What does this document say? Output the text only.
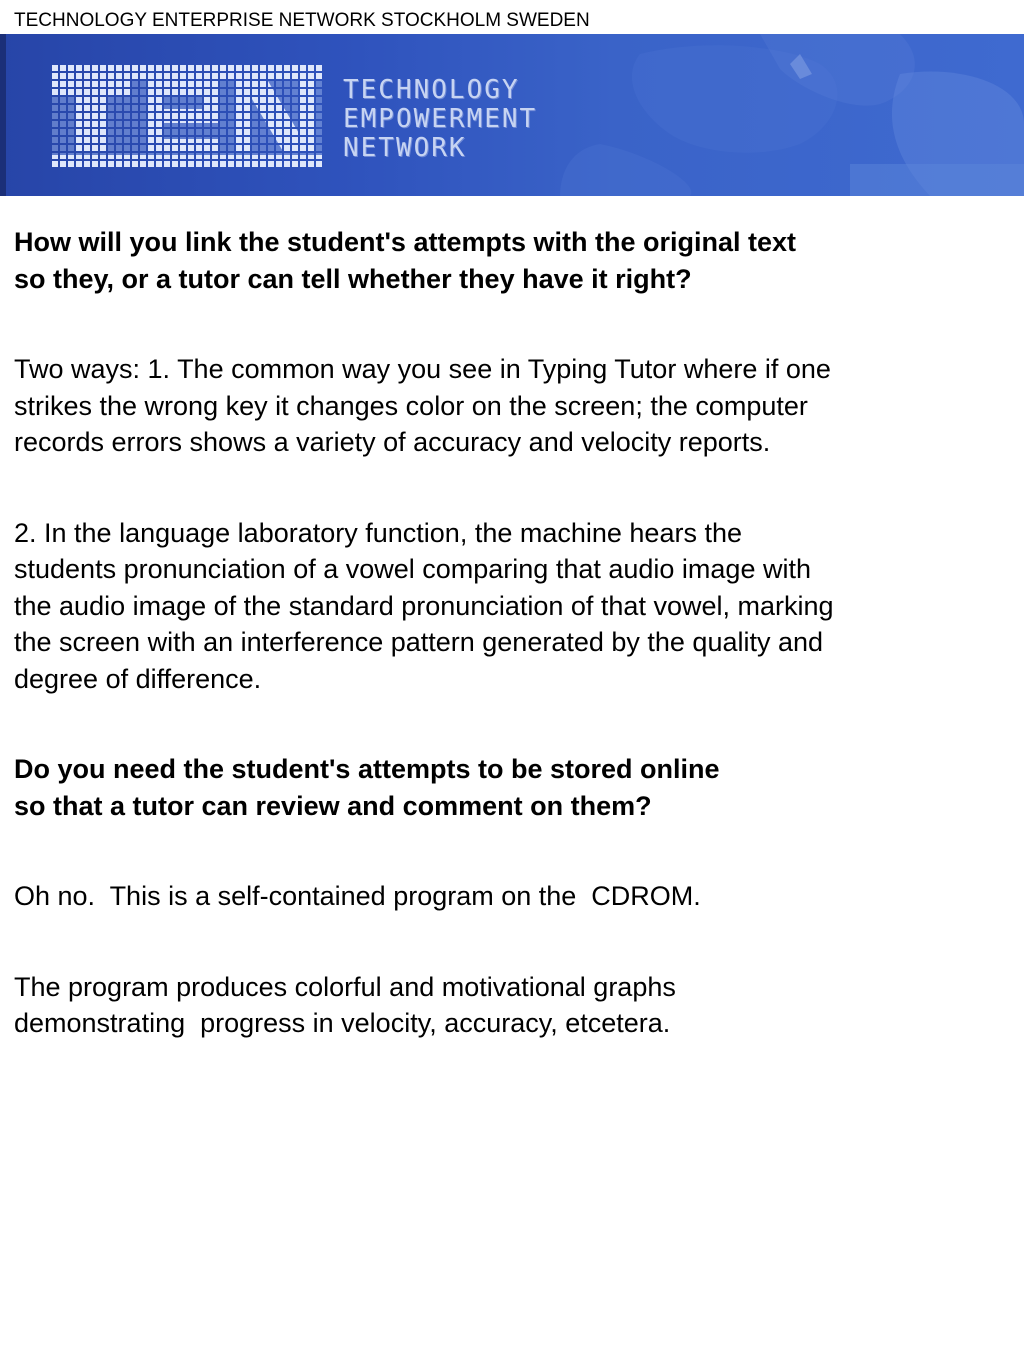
TECHNOLOGY ENTERPRISE NETWORK STOCKHOLM SWEDEN
TECHNOLOGY
EMPOWERMENT
NETWORK

How will you link the student's attempts with the original text
so they, or a tutor can tell whether they have it right?

Two ways: 1. The common way you see in Typing Tutor where if one
strikes the wrong key it changes color on the screen; the computer
records errors shows a variety of accuracy and velocity reports.

2. In the language laboratory function, the machine hears the
students pronunciation of a vowel comparing that audio image with
the audio image of the standard pronunciation of that vowel, marking
the screen with an interference pattern generated by the quality and
degree of difference.

Do you need the student's attempts to be stored online
so that a tutor can review and comment on them?

Oh no.  This is a self-contained program on the  CDROM.

The program produces colorful and motivational graphs
demonstrating  progress in velocity, accuracy, etcetera.
